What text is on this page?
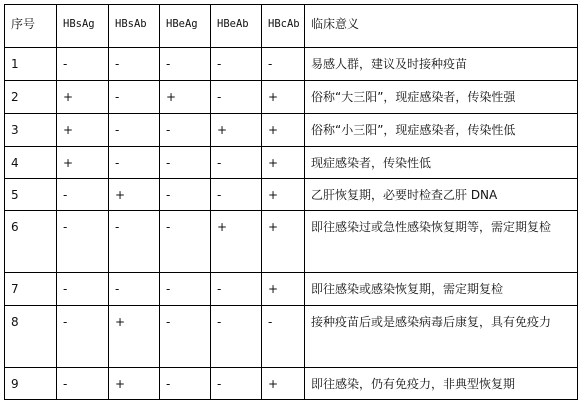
序号	HBsAg	HBsAb	HBeAg	HBeAb	HBcAb	临床意义
1	-	-	-	-	-	易感人群，建议及时接种疫苗
2	+	-	+	-	+	俗称“大三阳”，现症感染者，传染性强
3	+	-	-	+	+	俗称“小三阳”，现症感染者，传染性低
4	+	-	-	-	+	现症感染者，传染性低
5	-	+	-	-	+	乙肝恢复期，必要时检查乙肝 DNA
6	-	-	-	+	+	即往感染过或急性感染恢复期等，需定期复检
7	-	-	-	-	+	即往感染或感染恢复期，需定期复检
8	-	+	-	-	-	接种疫苗后或是感染病毒后康复，具有免疫力
9	-	+	-	-	+	即往感染，仍有免疫力，非典型恢复期
